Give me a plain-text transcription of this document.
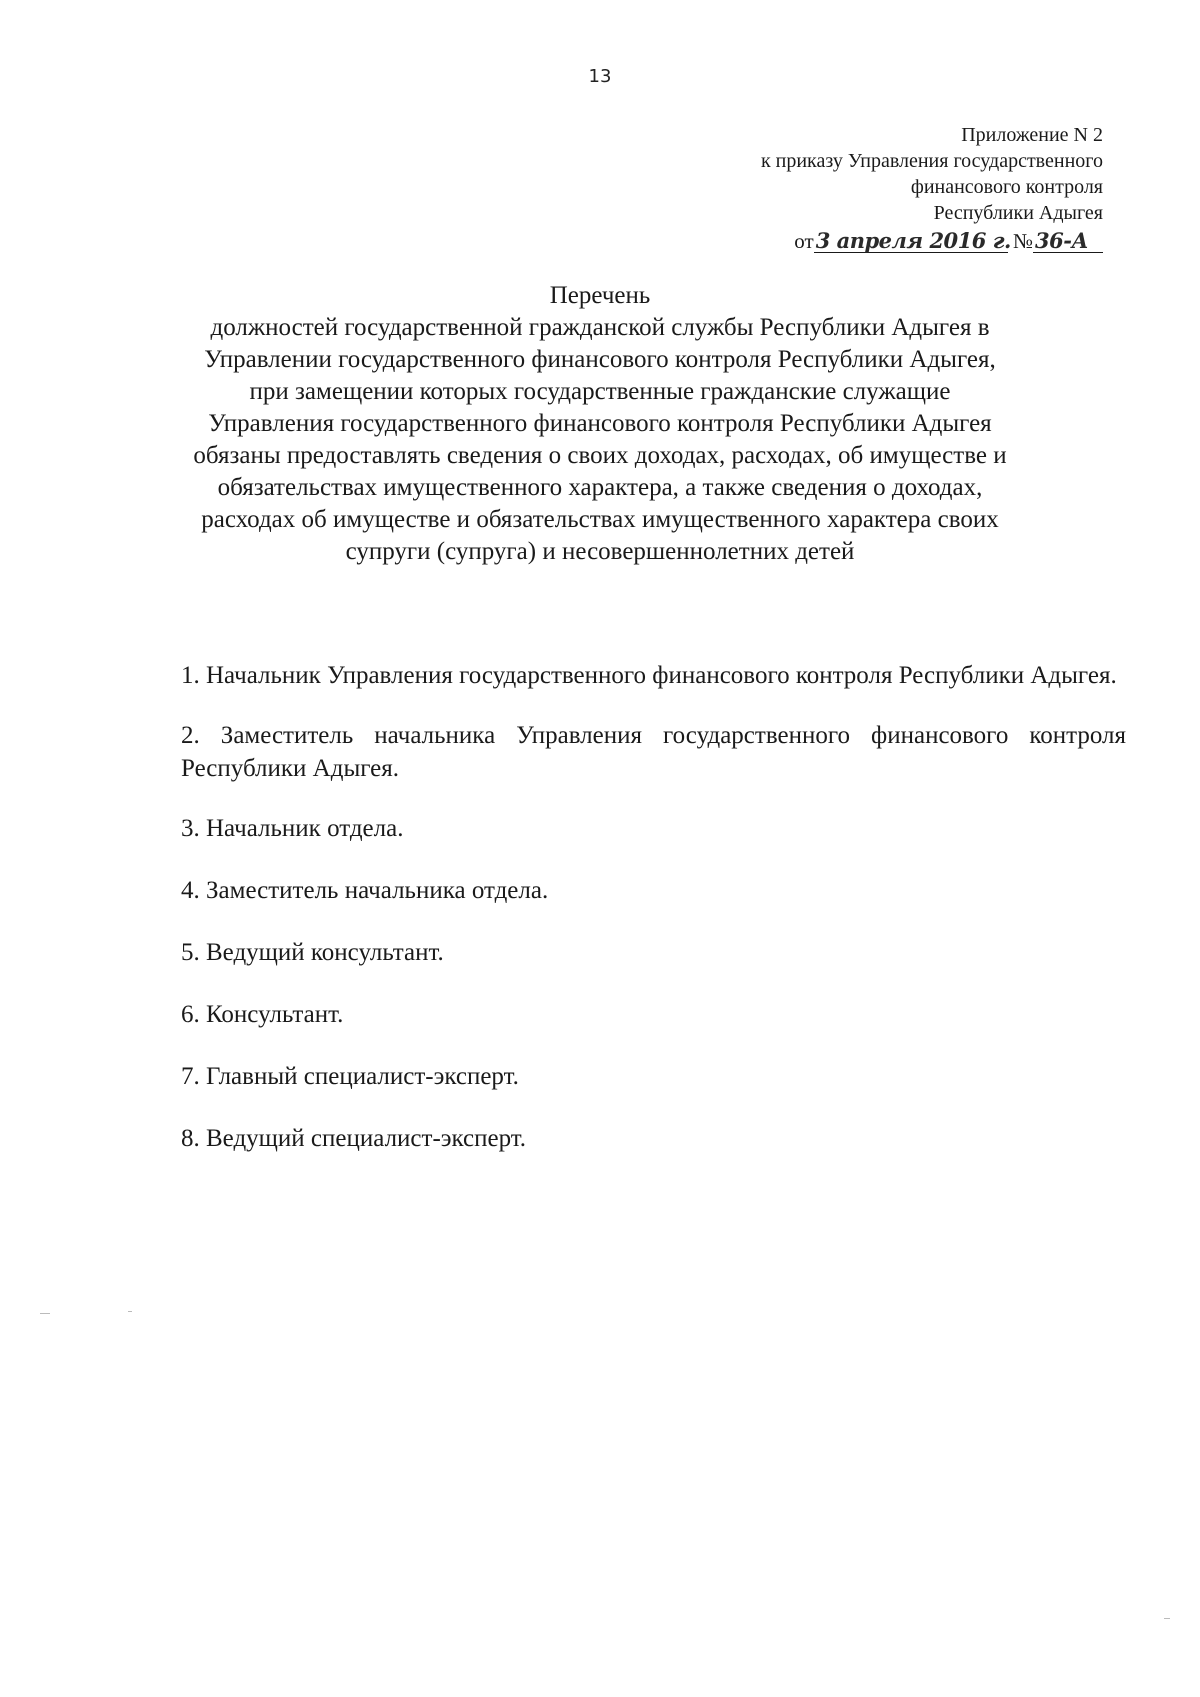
13
Приложение N 2
к приказу Управления государственного
финансового контроля
Республики Адыгея
от3 апреля 2016 г. №36-А
Перечень
должностей государственной гражданской службы Республики Адыгея в
Управлении государственного финансового контроля Республики Адыгея,
при замещении которых государственные гражданские служащие
Управления государственного финансового контроля Республики Адыгея
обязаны предоставлять сведения о своих доходах, расходах, об имуществе и
обязательствах имущественного характера, а также сведения о доходах,
расходах об имуществе и обязательствах имущественного характера своих
супруги (супруга) и несовершеннолетних детей
1. Начальник Управления государственного финансового контроля Республики Адыгея.
2. Заместитель начальника Управления государственного финансового контроля Республики Адыгея.
3. Начальник отдела.
4. Заместитель начальника отдела.
5. Ведущий консультант.
6. Консультант.
7. Главный специалист-эксперт.
8. Ведущий специалист-эксперт.
